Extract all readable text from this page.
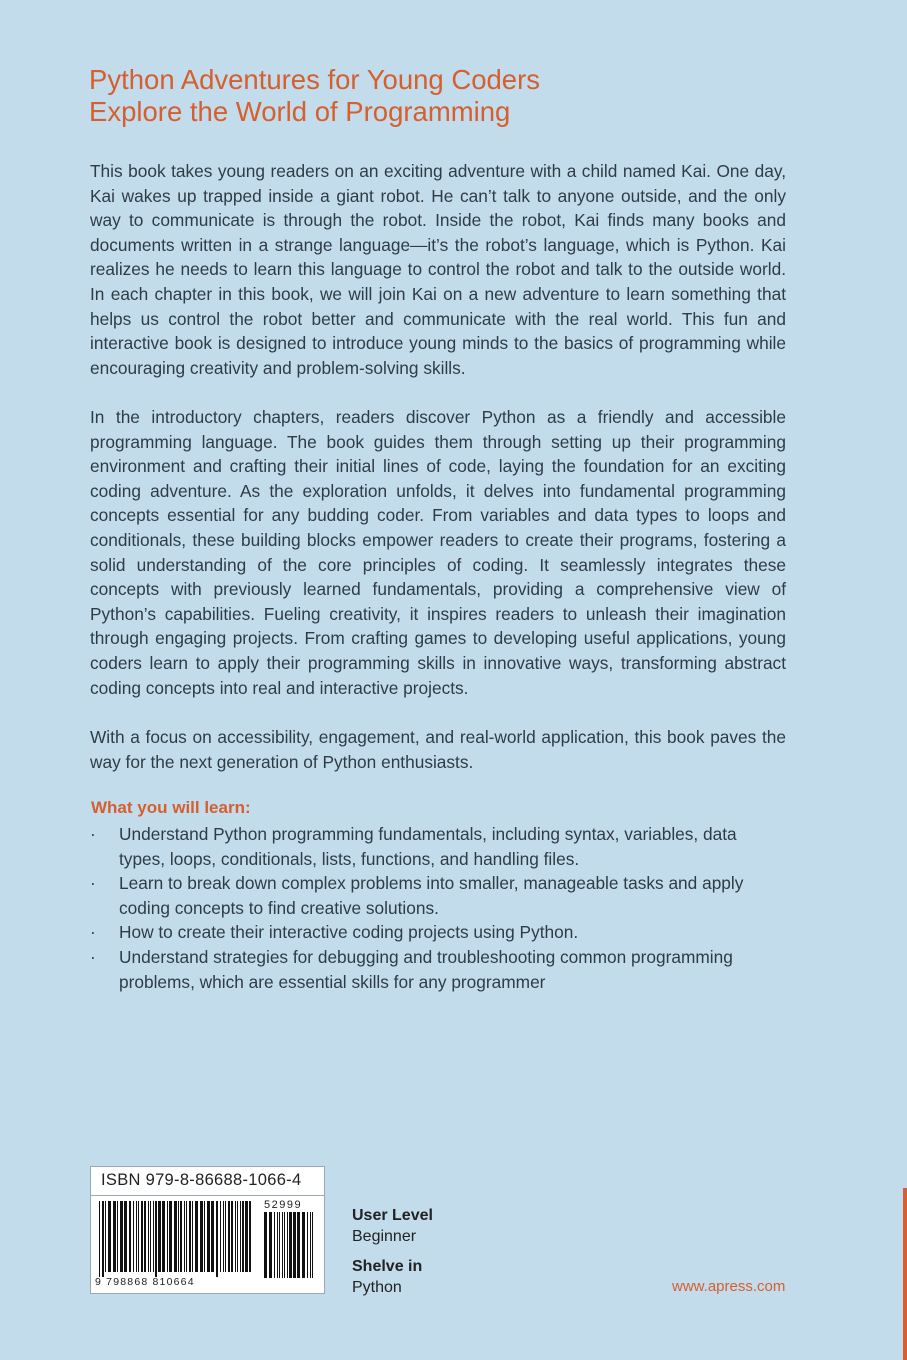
Python Adventures for Young Coders
Explore the World of Programming

This book takes young readers on an exciting adventure with a child named Kai. One day, Kai wakes up trapped inside a giant robot. He can’t talk to anyone outside, and the only way to communicate is through the robot. Inside the robot, Kai finds many books and documents written in a strange language—it’s the robot’s language, which is Python. Kai realizes he needs to learn this language to control the robot and talk to the outside world. In each chapter in this book, we will join Kai on a new adventure to learn something that helps us control the robot better and communicate with the real world. This fun and interactive book is designed to introduce young minds to the basics of programming while encouraging creativity and problem-solving skills.

In the introductory chapters, readers discover Python as a friendly and accessible programming language. The book guides them through setting up their programming environment and crafting their initial lines of code, laying the foundation for an exciting coding adventure. As the exploration unfolds, it delves into fundamental programming concepts essential for any budding coder. From variables and data types to loops and conditionals, these building blocks empower readers to create their programs, fostering a solid understanding of the core principles of coding. It seamlessly integrates these concepts with previously learned fundamentals, providing a comprehensive view of Python’s capabilities. Fueling creativity, it inspires readers to unleash their imagination through engaging projects. From crafting games to developing useful applications, young coders learn to apply their programming skills in innovative ways, transforming abstract coding concepts into real and interactive projects.

With a focus on accessibility, engagement, and real-world application, this book paves the way for the next generation of Python enthusiasts.

What you will learn:
· Understand Python programming fundamentals, including syntax, variables, data types, loops, conditionals, lists, functions, and handling files.
· Learn to break down complex problems into smaller, manageable tasks and apply coding concepts to find creative solutions.
· How to create their interactive coding projects using Python.
· Understand strategies for debugging and troubleshooting common programming problems, which are essential skills for any programmer
ISBN 979-8-86688-1066-4
52999
9 798868 810664

User Level

Beginner

Shelve in

Python	www.apress.com
